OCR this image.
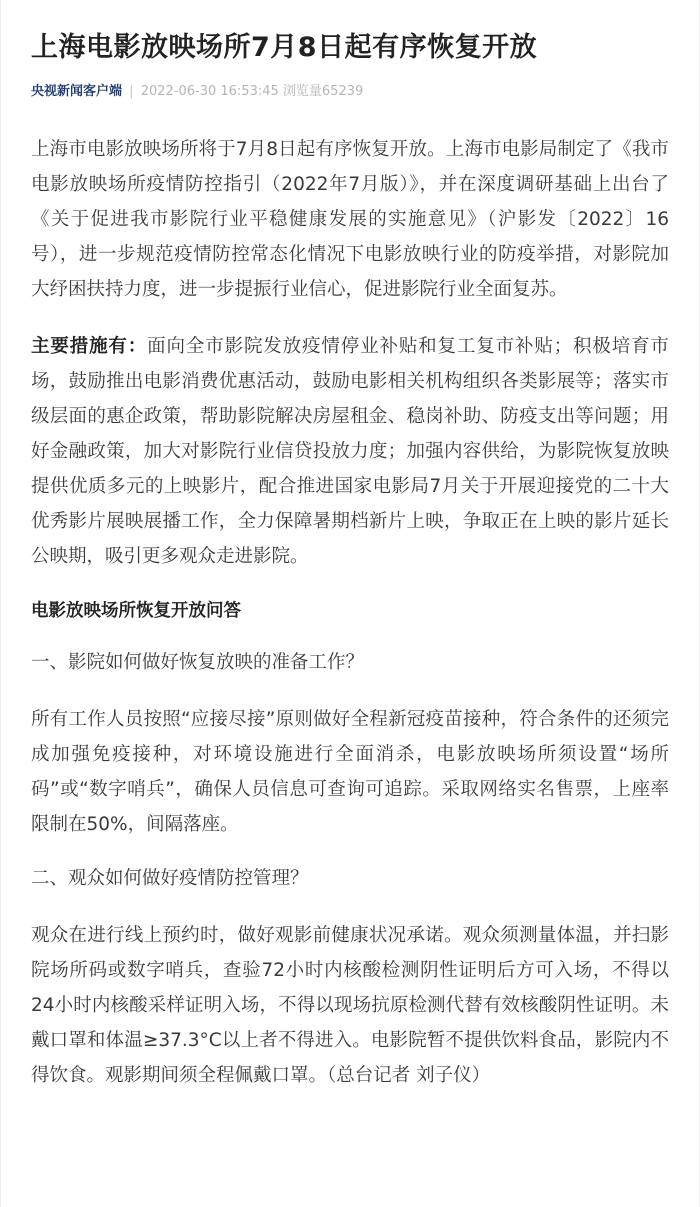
上海电影放映场所7月8日起有序恢复开放
央视新闻客户端 | 2022-06-30 16:53:45 浏览量65239

上海市电影放映场所将于7月8日起有序恢复开放。上海市电影局制定了《我市电影放映场所疫情防控指引（2022年7月版）》，并在深度调研基础上出台了《关于促进我市影院行业平稳健康发展的实施意见》（沪影发〔2022〕16号），进一步规范疫情防控常态化情况下电影放映行业的防疫举措，对影院加大纾困扶持力度，进一步提振行业信心，促进影院行业全面复苏。

主要措施有：面向全市影院发放疫情停业补贴和复工复市补贴；积极培育市场，鼓励推出电影消费优惠活动，鼓励电影相关机构组织各类影展等；落实市级层面的惠企政策，帮助影院解决房屋租金、稳岗补助、防疫支出等问题；用好金融政策，加大对影院行业信贷投放力度；加强内容供给，为影院恢复放映提供优质多元的上映影片，配合推进国家电影局7月关于开展迎接党的二十大优秀影片展映展播工作，全力保障暑期档新片上映，争取正在上映的影片延长公映期，吸引更多观众走进影院。

电影放映场所恢复开放问答
一、影院如何做好恢复放映的准备工作？

所有工作人员按照“应接尽接”原则做好全程新冠疫苗接种，符合条件的还须完成加强免疫接种，对环境设施进行全面消杀，电影放映场所须设置“场所码”或“数字哨兵”，确保人员信息可查询可追踪。采取网络实名售票，上座率限制在50%，间隔落座。

二、观众如何做好疫情防控管理？

观众在进行线上预约时，做好观影前健康状况承诺。观众须测量体温，并扫影院场所码或数字哨兵，查验72小时内核酸检测阴性证明后方可入场，不得以24小时内核酸采样证明入场，不得以现场抗原检测代替有效核酸阴性证明。未戴口罩和体温≥37.3°C以上者不得进入。电影院暂不提供饮料食品，影院内不得饮食。观影期间须全程佩戴口罩。（总台记者 刘子仪）
